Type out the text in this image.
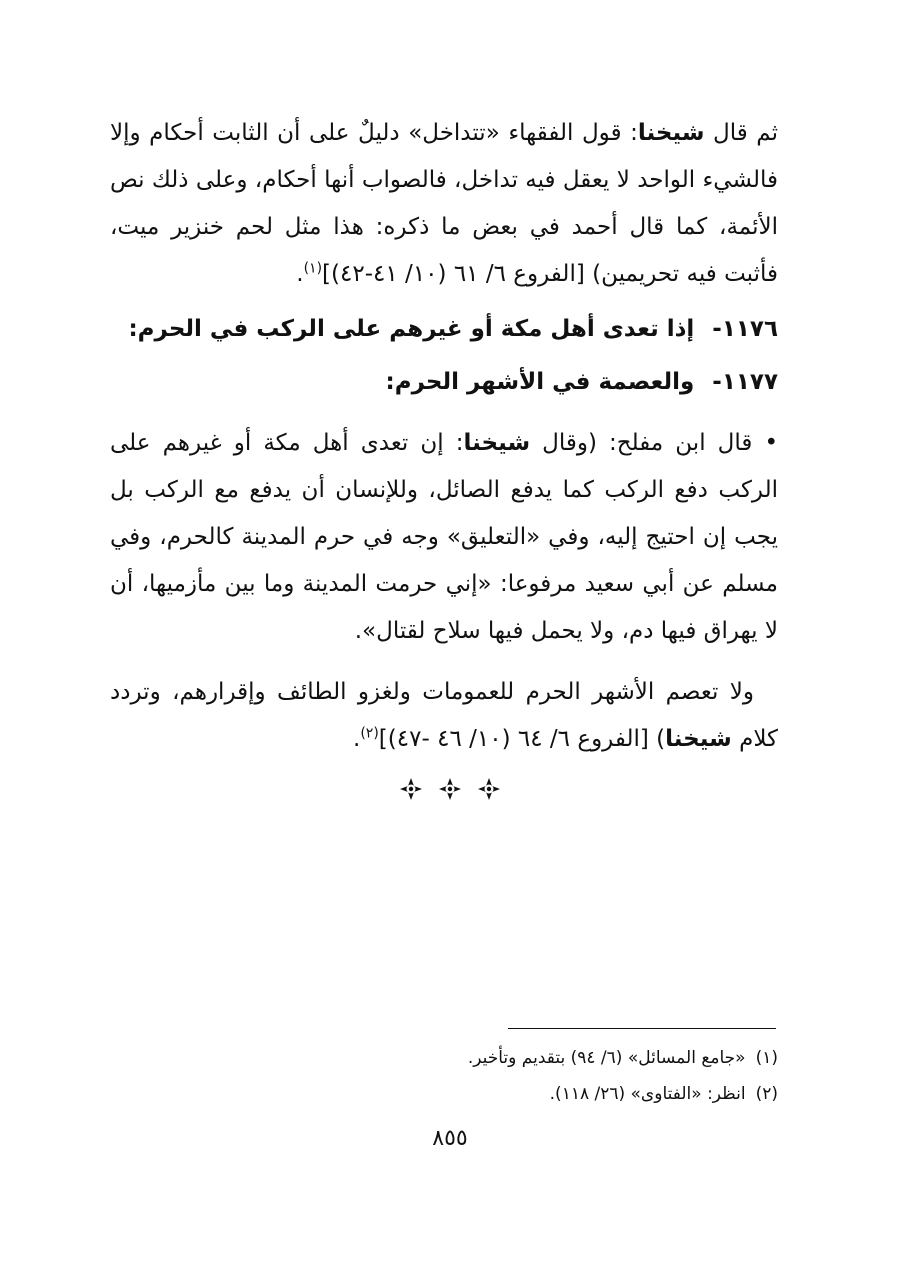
ثم قال شيخنا: قول الفقهاء «تتداخل» دليلٌ على أن الثابت أحكام وإلا فالشيء الواحد لا يعقل فيه تداخل، فالصواب أنها أحكام، وعلى ذلك نص الأئمة، كما قال أحمد في بعض ما ذكره: هذا مثل لحم خنزير ميت، فأثبت فيه تحريمين) [الفروع ٦/ ٦١ (١٠/ ٤١-٤٢)]$^{(١)}$.

١١٧٦-إذا تعدى أهل مكة أو غيرهم على الركب في الحرم:
١١٧٧-والعصمة في الأشهر الحرم:

• قال ابن مفلح: (وقال شيخنا: إن تعدى أهل مكة أو غيرهم على الركب دفع الركب كما يدفع الصائل، وللإنسان أن يدفع مع الركب بل يجب إن احتيج إليه، وفي «التعليق» وجه في حرم المدينة كالحرم، وفي مسلم عن أبي سعيد مرفوعا: «إني حرمت المدينة وما بين مأزميها، أن لا يهراق فيها دم، ولا يحمل فيها سلاح لقتال».

ولا تعصم الأشهر الحرم للعمومات ولغزو الطائف وإقرارهم، وتردد كلام شيخنا) [الفروع ٦/ ٦٤ (١٠/ ٤٦ -٤٧)]$^{(٢)}$.

(١)«جامع المسائل» (٦/ ٩٤) بتقديم وتأخير.

(٢)انظر: «الفتاوى» (٢٦/ ١١٨).

٨٥٥
